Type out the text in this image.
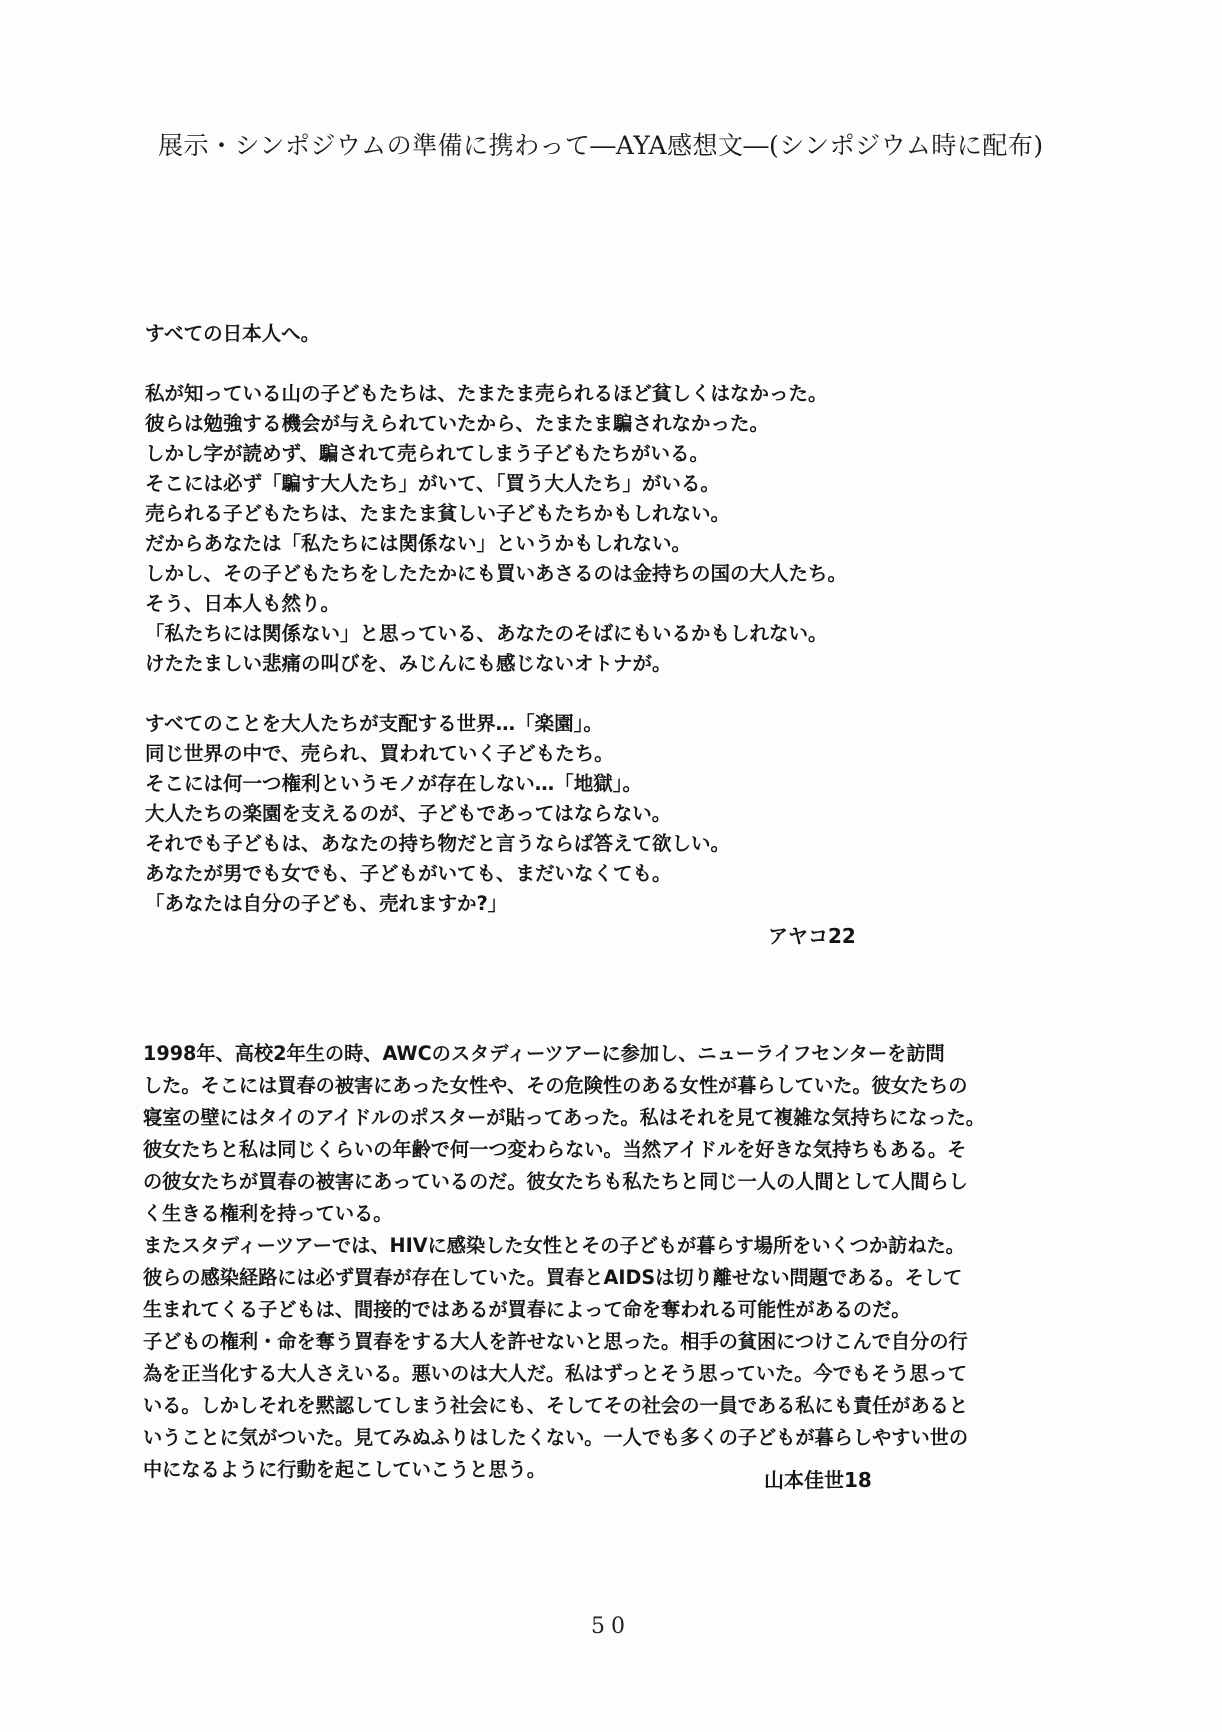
展示・シンポジウムの準備に携わって―AYA感想文―(シンポジウム時に配布)
すべての日本人へ。
私が知っている山の子どもたちは、たまたま売られるほど貧しくはなかった。
彼らは勉強する機会が与えられていたから、たまたま騙されなかった。
しかし字が読めず、騙されて売られてしまう子どもたちがいる。
そこには必ず「騙す大人たち」がいて、「買う大人たち」がいる。
売られる子どもたちは、たまたま貧しい子どもたちかもしれない。
だからあなたは「私たちには関係ない」というかもしれない。
しかし、その子どもたちをしたたかにも買いあさるのは金持ちの国の大人たち。
そう、日本人も然り。
「私たちには関係ない」と思っている、あなたのそばにもいるかもしれない。
けたたましい悲痛の叫びを、みじんにも感じないオトナが。
すべてのことを大人たちが支配する世界…「楽園」。
同じ世界の中で、売られ、買われていく子どもたち。
そこには何一つ権利というモノが存在しない…「地獄」。
大人たちの楽園を支えるのが、子どもであってはならない。
それでも子どもは、あなたの持ち物だと言うならば答えて欲しい。
あなたが男でも女でも、子どもがいても、まだいなくても。
「あなたは自分の子ども、売れますか?」
アヤコ22
1998年、高校2年生の時、AWCのスタディーツアーに参加し、ニューライフセンターを訪問
した。そこには買春の被害にあった女性や、その危険性のある女性が暮らしていた。彼女たちの
寝室の壁にはタイのアイドルのポスターが貼ってあった。私はそれを見て複雑な気持ちになった。
彼女たちと私は同じくらいの年齢で何一つ変わらない。当然アイドルを好きな気持ちもある。そ
の彼女たちが買春の被害にあっているのだ。彼女たちも私たちと同じ一人の人間として人間らし
く生きる権利を持っている。
またスタディーツアーでは、HIVに感染した女性とその子どもが暮らす場所をいくつか訪ねた。
彼らの感染経路には必ず買春が存在していた。買春とAIDSは切り離せない問題である。そして
生まれてくる子どもは、間接的ではあるが買春によって命を奪われる可能性があるのだ。
子どもの権利・命を奪う買春をする大人を許せないと思った。相手の貧困につけこんで自分の行
為を正当化する大人さえいる。悪いのは大人だ。私はずっとそう思っていた。今でもそう思って
いる。しかしそれを黙認してしまう社会にも、そしてその社会の一員である私にも責任があると
いうことに気がついた。見てみぬふりはしたくない。一人でも多くの子どもが暮らしやすい世の
中になるように行動を起こしていこうと思う。	山本佳世18
50
